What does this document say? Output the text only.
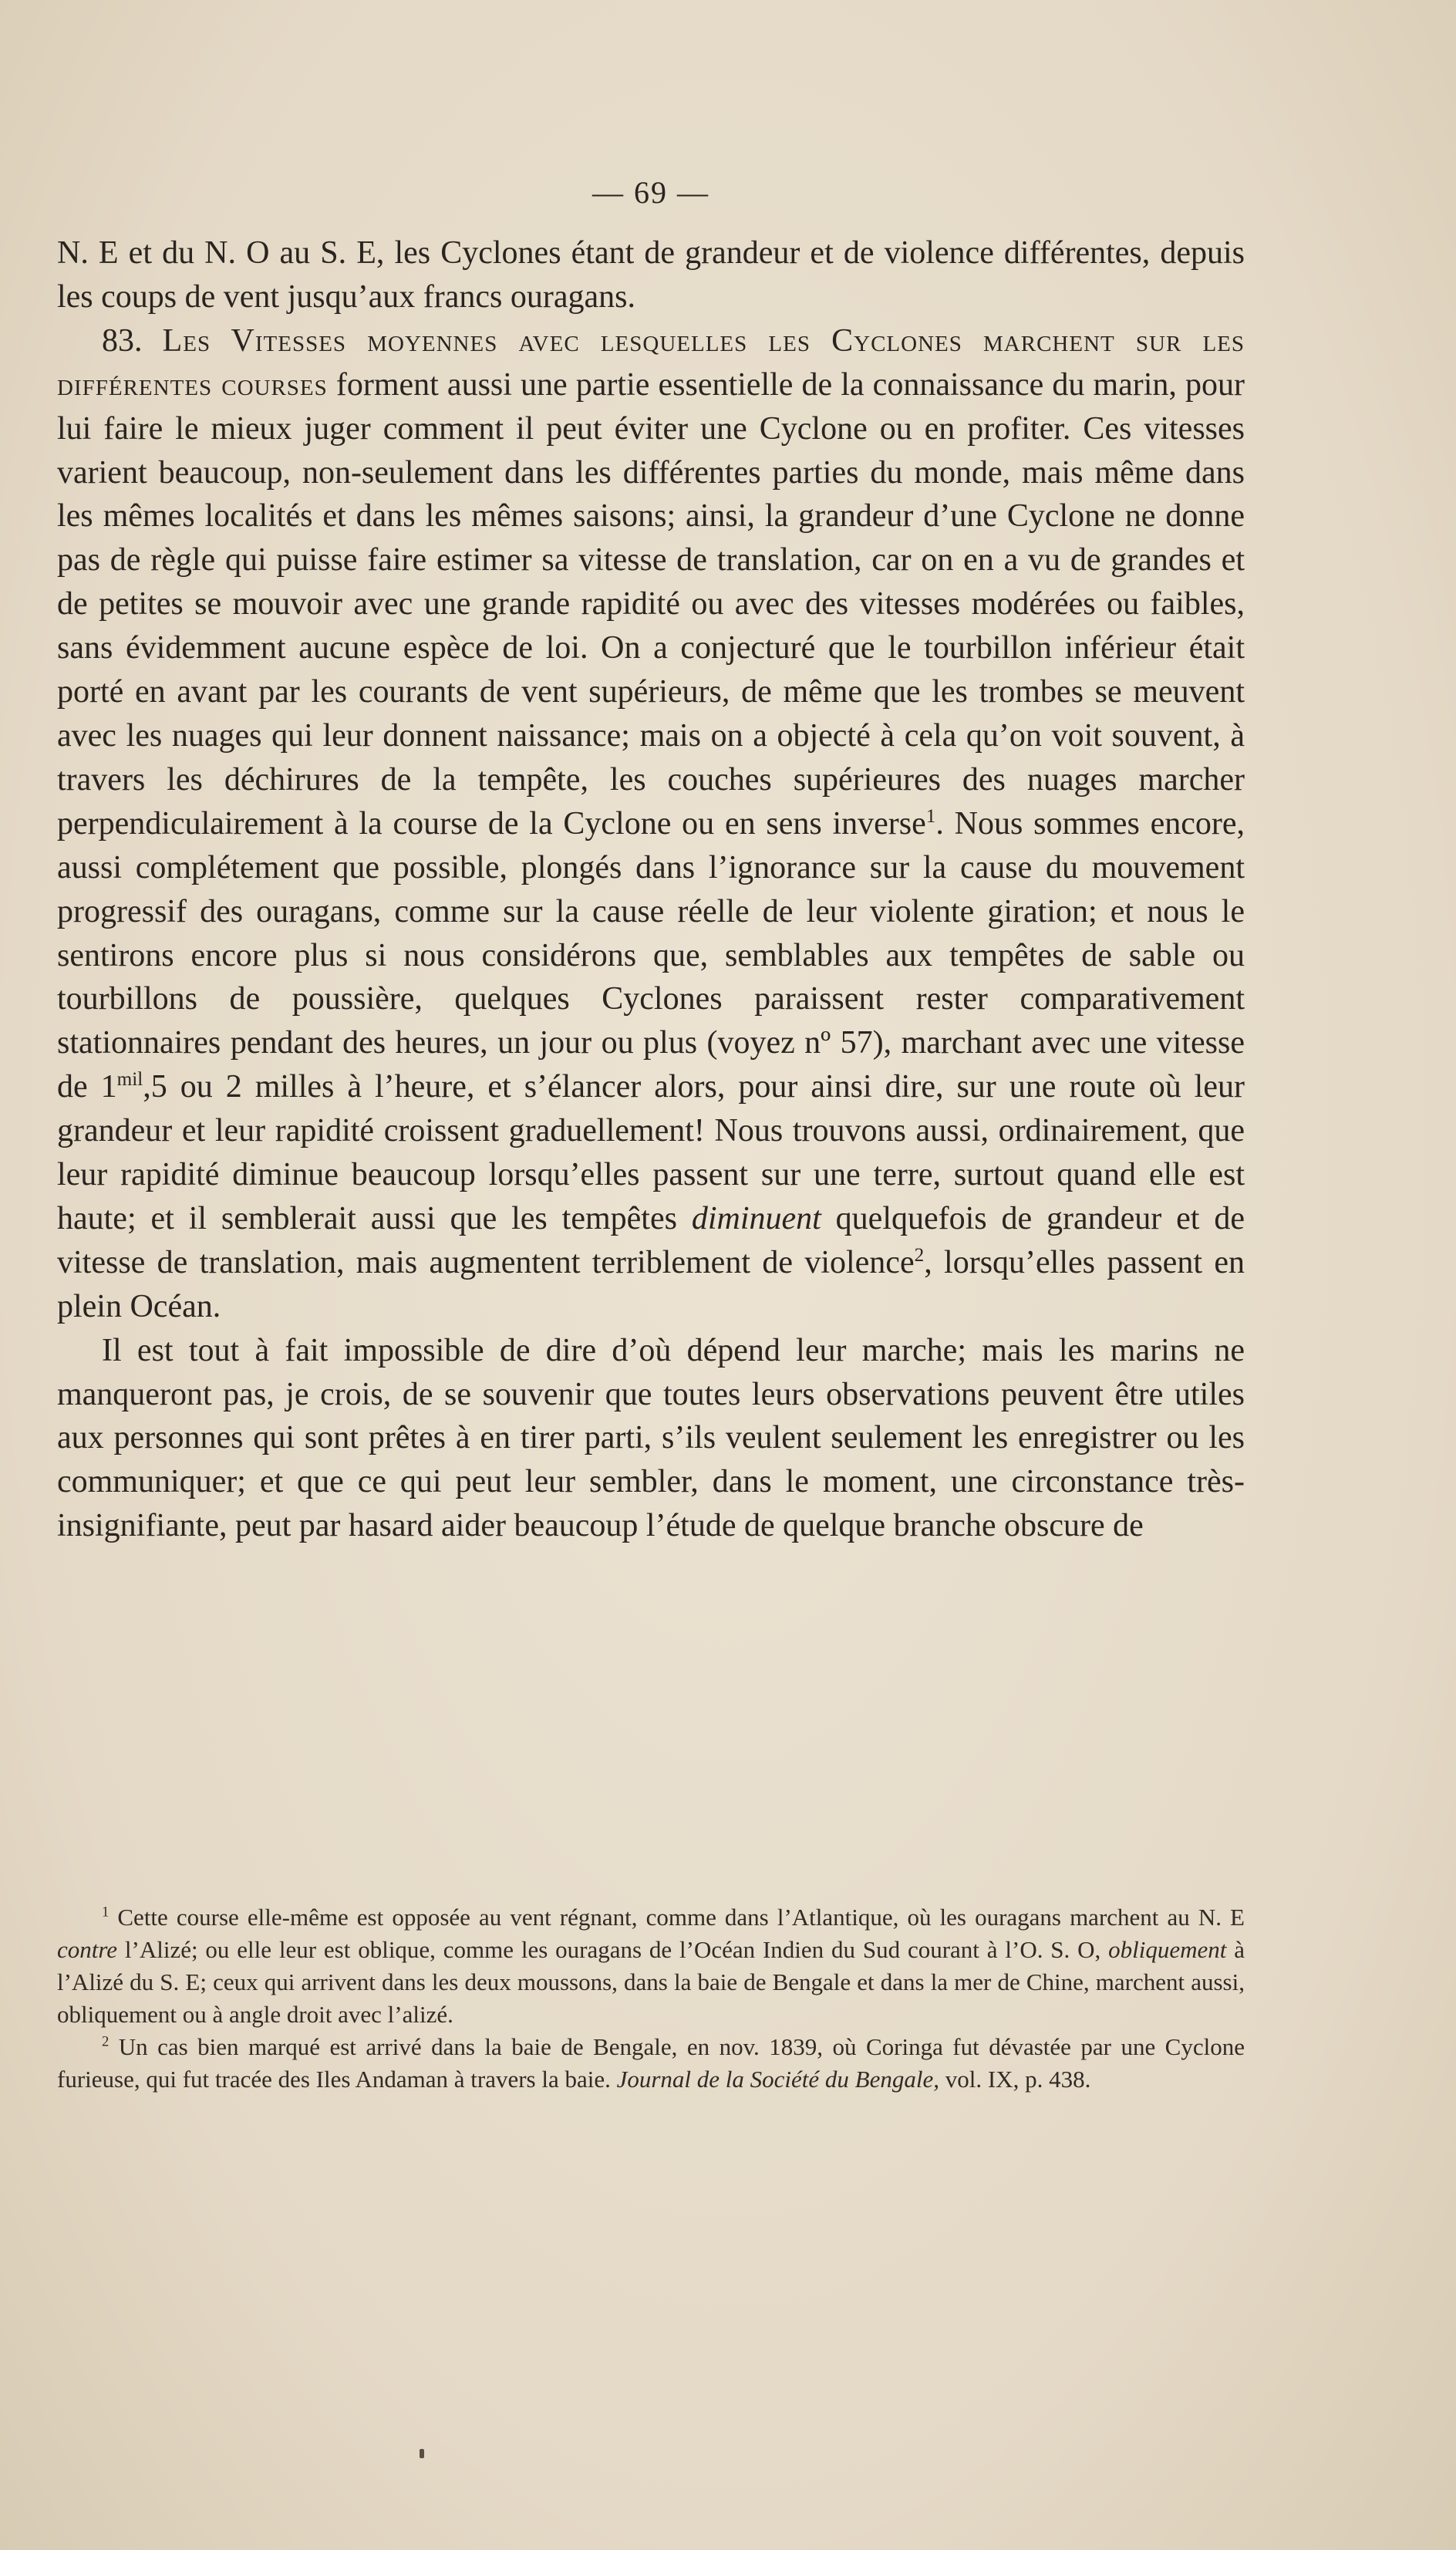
— 69 —

N. E et du N. O au S. E, les Cyclones étant de grandeur et de violence différentes, depuis les coups de vent jusqu’aux francs ouragans.

83. Les Vitesses moyennes avec lesquelles les Cyclones marchent sur les différentes courses forment aussi une partie essentielle de la connaissance du marin, pour lui faire le mieux juger comment il peut éviter une Cyclone ou en profiter. Ces vitesses varient beaucoup, non-seulement dans les différentes parties du monde, mais même dans les mêmes localités et dans les mêmes saisons; ainsi, la grandeur d’une Cyclone ne donne pas de règle qui puisse faire estimer sa vitesse de translation, car on en a vu de grandes et de petites se mouvoir avec une grande rapidité ou avec des vitesses modérées ou faibles, sans évidemment aucune espèce de loi. On a conjecturé que le tourbillon inférieur était porté en avant par les courants de vent supérieurs, de même que les trombes se meuvent avec les nuages qui leur donnent naissance; mais on a objecté à cela qu’on voit souvent, à travers les déchirures de la tempête, les couches supérieures des nuages marcher perpendiculairement à la course de la Cyclone ou en sens inverse$^1$. Nous sommes encore, aussi complétement que possible, plongés dans l’ignorance sur la cause du mouvement progressif des ouragans, comme sur la cause réelle de leur violente giration; et nous le sentirons encore plus si nous considérons que, semblables aux tempêtes de sable ou tourbillons de poussière, quelques Cyclones paraissent rester comparativement stationnaires pendant des heures, un jour ou plus (voyez nº 57), marchant avec une vitesse de $1^{mil},5$ ou 2 milles à l’heure, et s’élancer alors, pour ainsi dire, sur une route où leur grandeur et leur rapidité croissent graduellement! Nous trouvons aussi, ordinairement, que leur rapidité diminue beaucoup lorsqu’elles passent sur une terre, surtout quand elle est haute; et il semblerait aussi que les tempêtes diminuent quelquefois de grandeur et de vitesse de translation, mais augmentent terriblement de violence$^2$, lorsqu’elles passent en plein Océan.

Il est tout à fait impossible de dire d’où dépend leur marche; mais les marins ne manqueront pas, je crois, de se souvenir que toutes leurs observations peuvent être utiles aux personnes qui sont prêtes à en tirer parti, s’ils veulent seulement les enregistrer ou les communiquer; et que ce qui peut leur sembler, dans le moment, une circonstance très-insignifiante, peut par hasard aider beaucoup l’étude de quelque branche obscure de

$^1$ Cette course elle-même est opposée au vent régnant, comme dans l’Atlantique, où les ouragans marchent au N. E contre l’Alizé; ou elle leur est oblique, comme les ouragans de l’Océan Indien du Sud courant à l’O. S. O, obliquement à l’Alizé du S. E; ceux qui arrivent dans les deux moussons, dans la baie de Bengale et dans la mer de Chine, marchent aussi, obliquement ou à angle droit avec l’alizé.

$^2$ Un cas bien marqué est arrivé dans la baie de Bengale, en nov. 1839, où Coringa fut dévastée par une Cyclone furieuse, qui fut tracée des Iles Andaman à travers la baie. Journal de la Société du Bengale, vol. IX, p. 438.
